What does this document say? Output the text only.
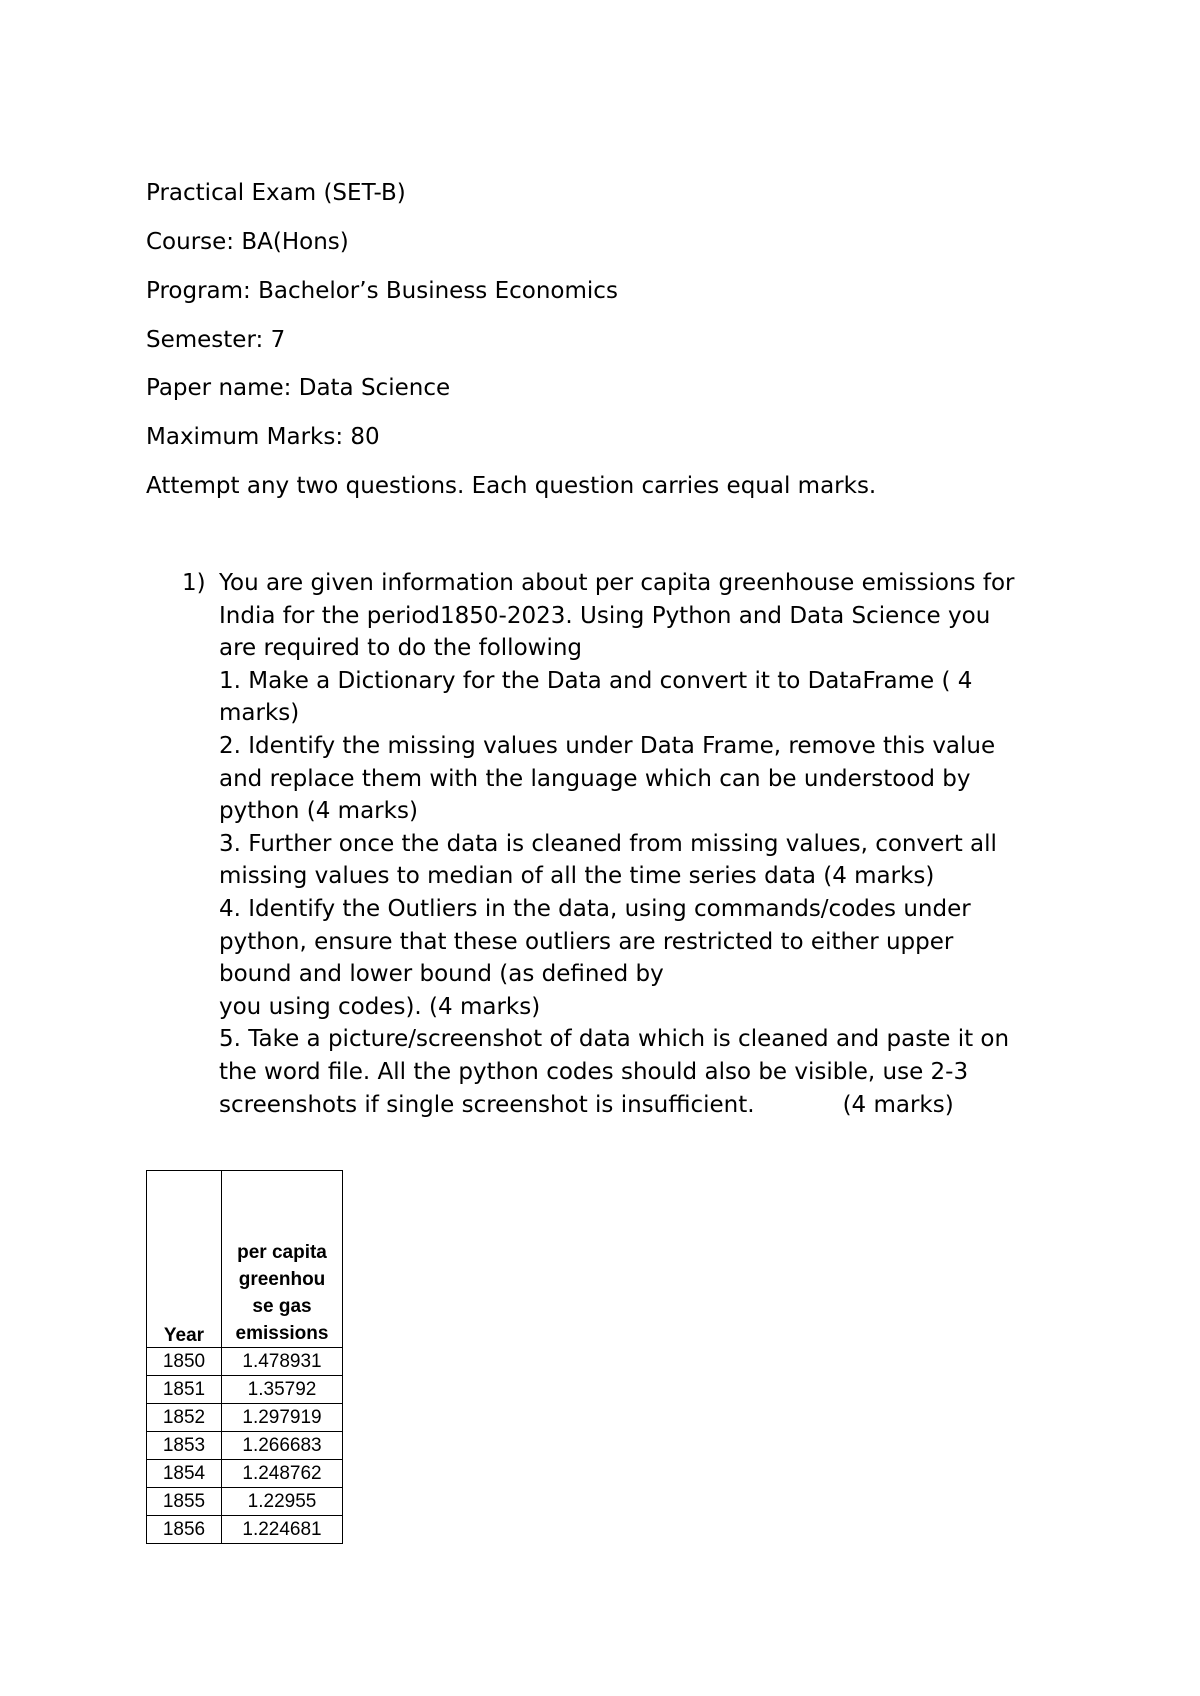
Practical Exam (SET-B)
Course: BA(Hons)
Program: Bachelor’s Business Economics
Semester: 7
Paper name: Data Science
Maximum Marks: 80
Attempt any two questions. Each question carries equal marks.
1) You are given information about per capita greenhouse emissions for
India for the period1850-2023. Using Python and Data Science you
are required to do the following
1. Make a Dictionary for the Data and convert it to DataFrame ( 4
marks)
2. Identify the missing values under Data Frame, remove this value
and replace them with the language which can be understood by
python (4 marks)
3. Further once the data is cleaned from missing values, convert all
missing values to median of all the time series data (4 marks)
4. Identify the Outliers in the data, using commands/codes under
python, ensure that these outliers are restricted to either upper
bound and lower bound (as defined by
you using codes). (4 marks)
5. Take a picture/screenshot of data which is cleaned and paste it on
the word file. All the python codes should also be visible, use 2-3
screenshots if single screenshot is insufficient.	(4 marks)
Year	per capita
greenhou
se gas
emissions

1850	1.478931
1851	1.35792
1852	1.297919
1853	1.266683
1854	1.248762
1855	1.22955
1856	1.224681
